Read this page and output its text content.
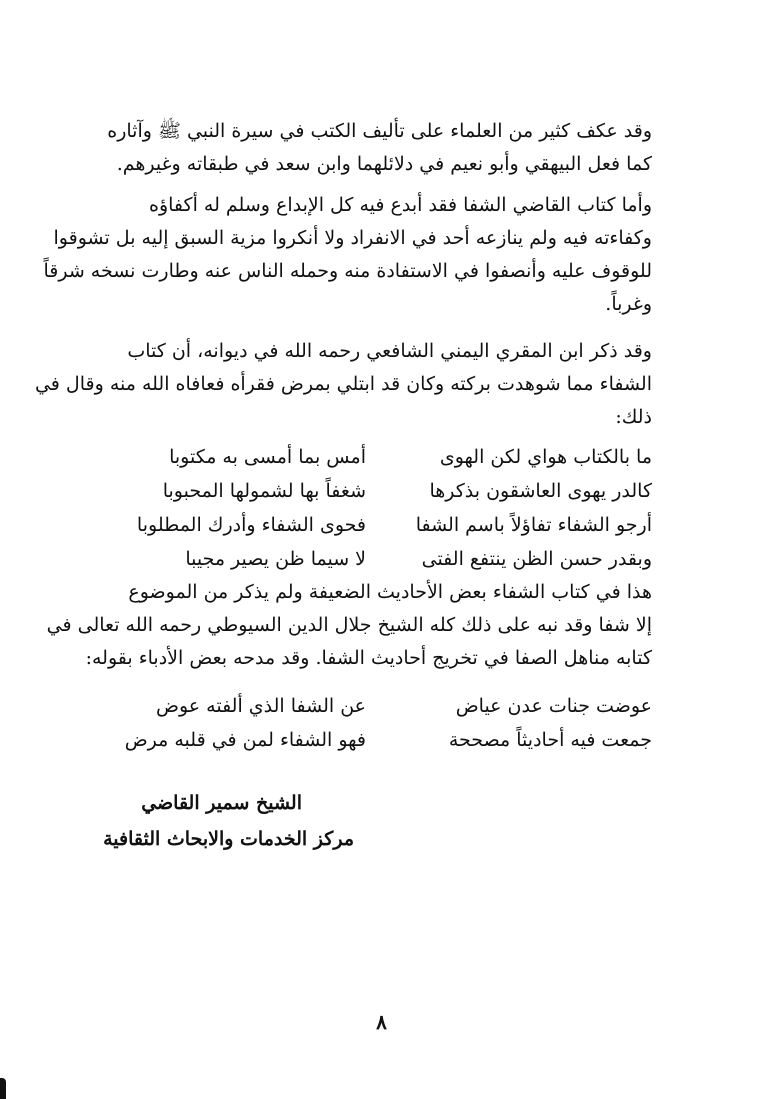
وقد عكف كثير من العلماء على تأليف الكتب في سيرة النبي ﷺ وآثاره
كما فعل البيهقي وأبو نعيم في دلائلهما وابن سعد في طبقاته وغيرهم.

وأما كتاب القاضي الشفا فقد أبدع فيه كل الإبداع وسلم له أكفاؤه
وكفاءته فيه ولم ينازعه أحد في الانفراد ولا أنكروا مزية السبق إليه بل تشوقوا
للوقوف عليه وأنصفوا في الاستفادة منه وحمله الناس عنه وطارت نسخه شرقاً
وغرباً.

وقد ذكر ابن المقري اليمني الشافعي رحمه الله في ديوانه، أن كتاب
الشفاء مما شوهدت بركته وكان قد ابتلي بمرض فقرأه فعافاه الله منه وقال في
ذلك:

ما بالكتاب هواي لكن الهوى
أمس بما أمسى به مكتوبا
كالدر يهوى العاشقون بذكرها
شغفاً بها لشمولها المحبوبا
أرجو الشفاء تفاؤلاً باسم الشفا
فحوى الشفاء وأدرك المطلوبا
وبقدر حسن الظن ينتفع الفتى
لا سيما ظن يصير مجيبا

هذا في كتاب الشفاء بعض الأحاديث الضعيفة ولم يذكر من الموضوع
إلا شفا وقد نبه على ذلك كله الشيخ جلال الدين السيوطي رحمه الله تعالى في
كتابه مناهل الصفا في تخريج أحاديث الشفا. وقد مدحه بعض الأدباء بقوله:

عوضت جنات عدن عياض
عن الشفا الذي ألفته عوض
جمعت فيه أحاديثاً مصححة
فهو الشفاء لمن في قلبه مرض
الشيخ سمير القاضي
مركز الخدمات والابحاث الثقافية
٨
